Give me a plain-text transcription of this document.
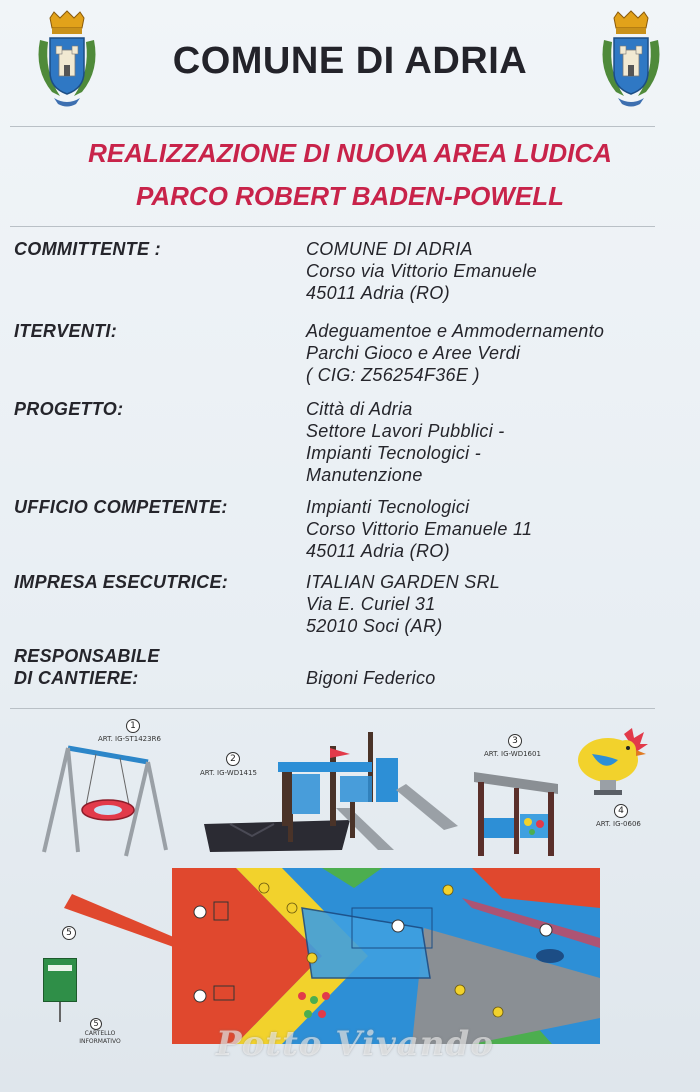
COMUNE DI ADRIA
REALIZZAZIONE DI NUOVA AREA LUDICA
PARCO ROBERT BADEN-POWELL
COMMITTENTE :	COMUNE DI ADRIA
Corso via Vittorio Emanuele
45011 Adria (RO)
ITERVENTI:	Adeguamentoe e Ammodernamento
Parchi Gioco e Aree Verdi
( CIG: Z56254F36E )
PROGETTO:	Città di Adria
Settore Lavori Pubblici -
Impianti Tecnologici -
Manutenzione
UFFICIO COMPETENTE:	Impianti Tecnologici
Corso Vittorio Emanuele 11
45011 Adria (RO)
IMPRESA ESECUTRICE:	ITALIAN GARDEN SRL
Via E. Curiel 31
52010 Soci (AR)
RESPONSABILE
DI CANTIERE:	Bigoni Federico
1
ART. IG-ST1423R6
2
ART. IG-WD1415
3
ART. IG-WD1601
4
ART. IG-0606
5
5
CARTELLO
INFORMATIVO	Potto Vivando
